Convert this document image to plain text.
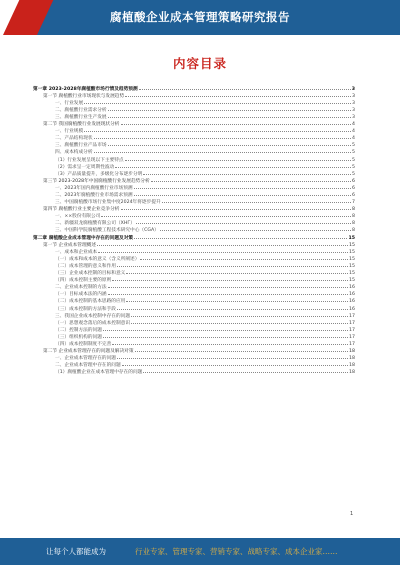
腐植酸企业成本管理策略研究报告
内容目录
第一章 2023-2028年腐植酸市场行情及趋势预测	3
第一节 腐植酸行业市场现状与发展趋势	3
一、行业发展	3
二、腐植酸行业需求分析	3
三、腐植酸行业生产发展	3
第二节 我国腐植酸行业发展现状分析	4
一、行业规模	4
二、产品结构现状	4
三、腐植酸行业产品市场	5
四、成本构成分析	5
（1）行业发展呈现以下主要特点	5
（2）需求呈一定周期性波动	5
（3）产品质量提升，多级化分布逐步分明	5
第三节 2023-2028年中国腐植酸行业发展趋势分析	6
一、2023年国内腐植酸行业市场预测	6
二、2023年腐植酸行业市场需求预测	6
三、中国腐植酸市场行业集中度2024年将逐步提升	7
第四节 腐植酸行业主要企业竞争分析	8
一、××股份有限公司	8
二、新疆双龙腐植酸有限公司（ХНГ）	8
三、中国科学院腐植酸工程技术研究中心（CGA）	8
第二章 腐植酸企业成本管理中存在的问题及对策	15
第一节 企业成本管理概述	15
一、成本和企业成本	15
（一）成本和成本的意义（含义所阐述）	15
（二）成本管理的意义和作用	15
（三）企业成本控制的目标和意义	15
（四）成本控制主要的原则	15
二、企业成本控制的方法	16
（一）目标成本法的内涵	16
（二）成本控制的基本思路的应用	16
（三）成本控制的方法和手段	16
三、我国企业成本控制中存在的问题	17
（一）思想观念落后的成本控制意识	17
（二）控制方法的问题	17
（三）组织机构的问题	17
（四）成本控制制度不完善	17
第二节 企业成本管理存在的问题及解决对策	18
一、企业成本管理存在的问题	18
二、企业成本管理中存在的问题	18
（1）腐植酸企业在成本管理中存在的问题	18
1
让每个人都能成为	行业专家、管理专家、营销专家、战略专家、成本企业家……
